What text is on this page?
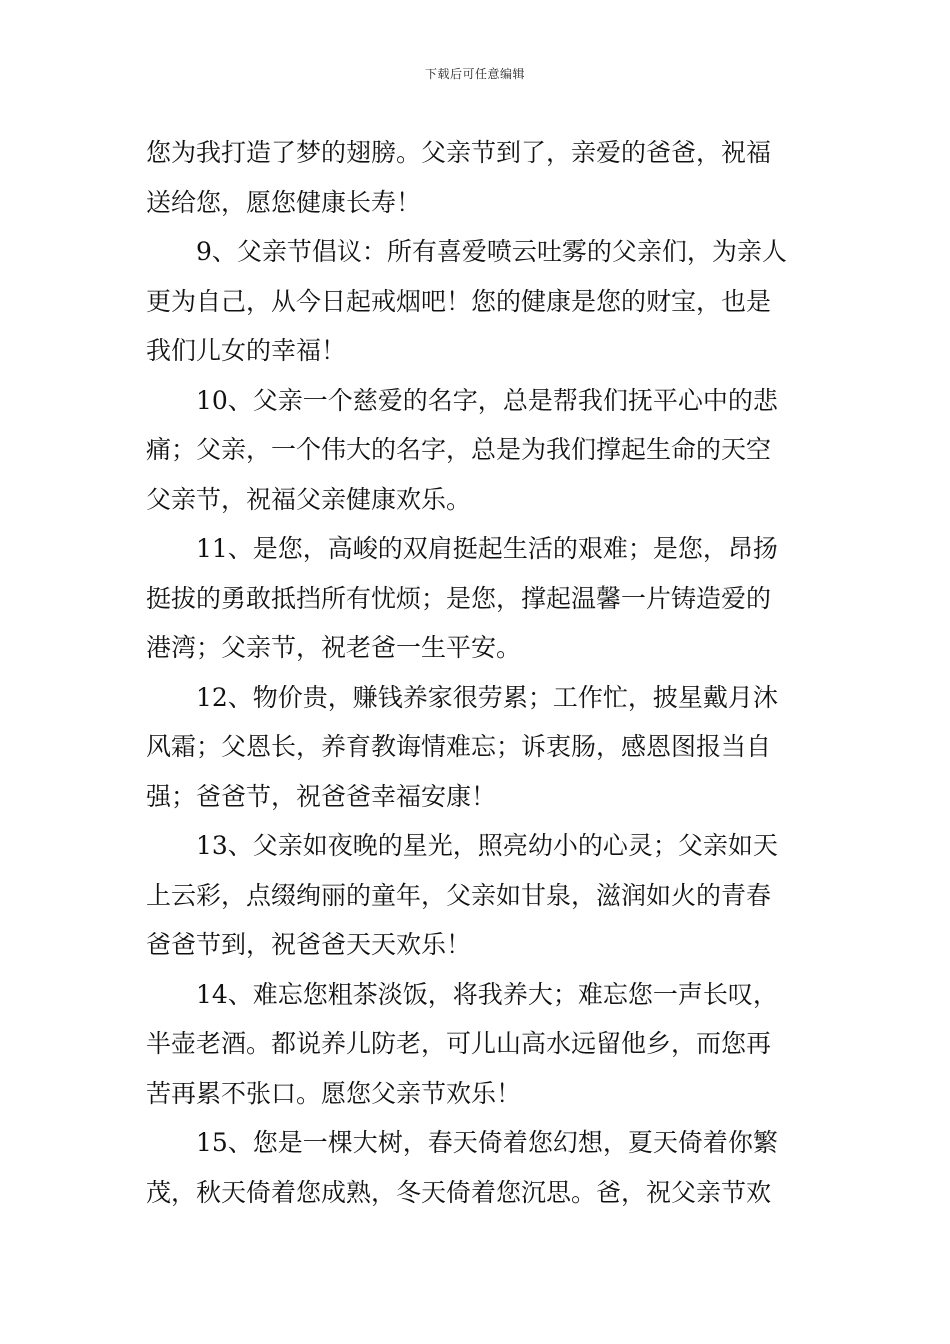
下载后可任意编辑
您为我打造了梦的翅膀。父亲节到了，亲爱的爸爸，祝福
送给您，愿您健康长寿！
9、父亲节倡议：所有喜爱喷云吐雾的父亲们，为亲人
更为自己，从今日起戒烟吧！您的健康是您的财宝，也是
我们儿女的幸福！
10、父亲一个慈爱的名字，总是帮我们抚平心中的悲
痛；父亲，一个伟大的名字，总是为我们撑起生命的天空
父亲节，祝福父亲健康欢乐。
11、是您，高峻的双肩挺起生活的艰难；是您，昂扬
挺拔的勇敢抵挡所有忧烦；是您，撑起温馨一片铸造爱的
港湾；父亲节，祝老爸一生平安。
12、物价贵，赚钱养家很劳累；工作忙，披星戴月沐
风霜；父恩长，养育教诲情难忘；诉衷肠，感恩图报当自
强；爸爸节，祝爸爸幸福安康！
13、父亲如夜晚的星光，照亮幼小的心灵；父亲如天
上云彩，点缀绚丽的童年，父亲如甘泉，滋润如火的青春
爸爸节到，祝爸爸天天欢乐！
14、难忘您粗茶淡饭，将我养大；难忘您一声长叹，
半壶老酒。都说养儿防老，可儿山高水远留他乡，而您再
苦再累不张口。愿您父亲节欢乐！
15、您是一棵大树，春天倚着您幻想，夏天倚着你繁
茂，秋天倚着您成熟，冬天倚着您沉思。爸，祝父亲节欢
